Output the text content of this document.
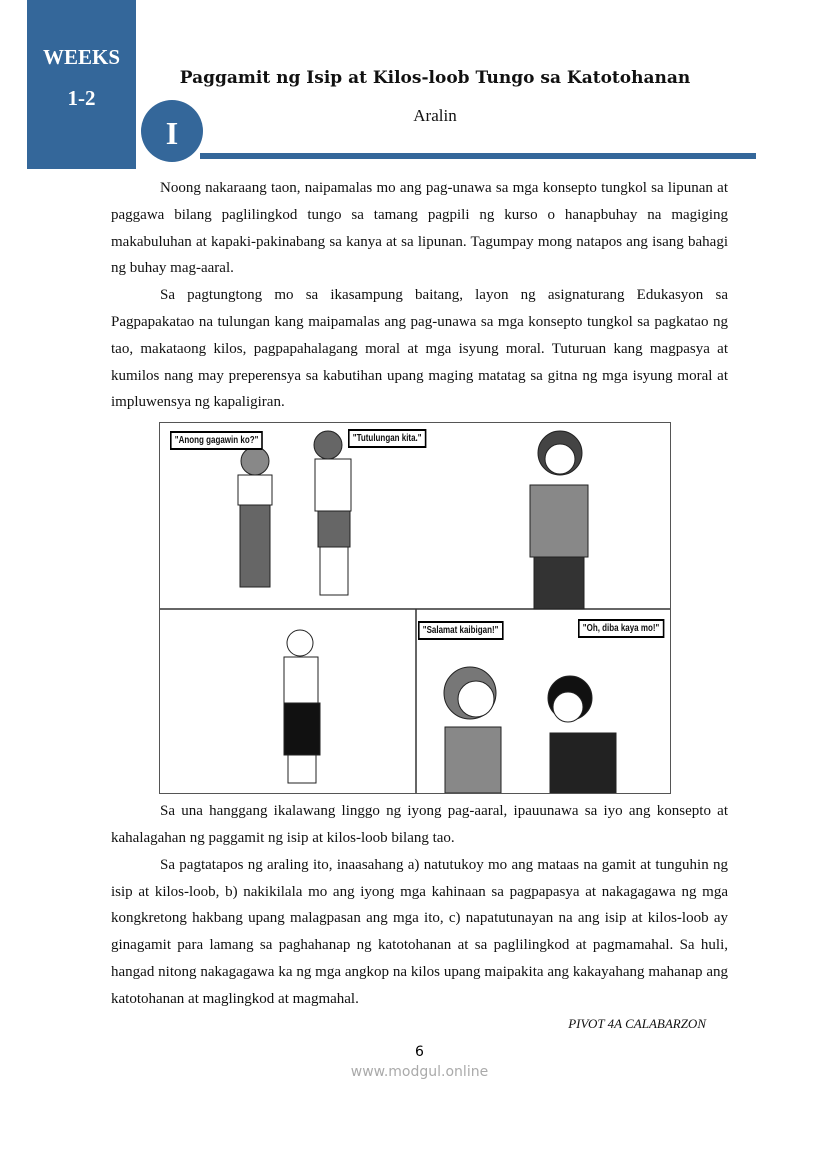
WEEKS
1-2
Paggamit ng Isip at Kilos-loob Tungo sa Katotohanan
Aralin
I

Noong nakaraang taon, naipamalas mo ang pag-unawa sa mga konsepto tungkol sa lipunan at paggawa bilang paglilingkod tungo sa tamang pagpili ng kurso o hanapbuhay na magiging makabuluhan at kapaki-pakinabang sa kanya at sa lipunan. Tagumpay mong natapos ang isang bahagi ng buhay mag-aaral.

Sa pagtungtong mo sa ikasampung baitang, layon ng asignaturang Edukasyon sa Pagpapakatao na tulungan kang maipamalas ang pag-unawa sa mga konsepto tungkol sa pagkatao ng tao, makataong kilos, pagpapahalagang moral at mga isyung moral. Tuturuan kang magpasya at kumilos nang may preperensya sa kabutihan upang maging matatag sa gitna ng mga isyung moral at impluwensya ng kapaligiran.

"Anong gagawin ko?"	"Tutulungan kita."
"Salamat kaibigan!"	"Oh, diba kaya mo!"

Sa una hanggang ikalawang linggo ng iyong pag-aaral, ipauunawa sa iyo ang konsepto at kahalagahan ng paggamit ng isip at kilos-loob bilang tao.

Sa pagtatapos ng araling ito, inaasahang a) natutukoy mo ang mataas na gamit at tunguhin ng isip at kilos-loob, b) nakikilala mo ang iyong mga kahinaan sa pagpapasya at nakagagawa ng mga kongkretong hakbang upang malagpasan ang mga ito, c) napatutunayan na ang isip at kilos-loob ay ginagamit para lamang sa paghahanap ng katotohanan at sa paglilingkod at pagmamahal. Sa huli, hangad nitong nakagagawa ka ng mga angkop na kilos upang maipakita ang kakayahang mahanap ang katotohanan at maglingkod at magmahal.

PIVOT 4A CALABARZON
6
www.modgul.online
